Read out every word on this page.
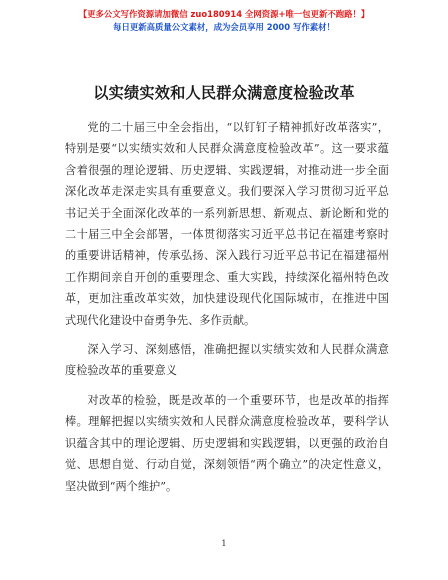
【更多公文写作资源请加微信 zuo180914 全网资源+唯一包更新不跑路！】
每日更新高质量公文素材，成为会员享用 2000 写作素材！
以实绩实效和人民群众满意度检验改革

党的二十届三中全会指出，“以钉钉子精神抓好改革落实”，特别是要“以实绩实效和人民群众满意度检验改革”。这一要求蕴含着很强的理论逻辑、历史逻辑、实践逻辑，对推动进一步全面深化改革走深走实具有重要意义。我们要深入学习贯彻习近平总书记关于全面深化改革的一系列新思想、新观点、新论断和党的二十届三中全会部署，一体贯彻落实习近平总书记在福建考察时的重要讲话精神，传承弘扬、深入践行习近平总书记在福建福州工作期间亲自开创的重要理念、重大实践，持续深化福州特色改革，更加注重改革实效，加快建设现代化国际城市，在推进中国式现代化建设中奋勇争先、多作贡献。

深入学习、深刻感悟，准确把握以实绩实效和人民群众满意度检验改革的重要意义

对改革的检验，既是改革的一个重要环节，也是改革的指挥棒。理解把握以实绩实效和人民群众满意度检验改革，要科学认识蕴含其中的理论逻辑、历史逻辑和实践逻辑，以更强的政治自觉、思想自觉、行动自觉，深刻领悟“两个确立”的决定性意义，坚决做到“两个维护”。

1
